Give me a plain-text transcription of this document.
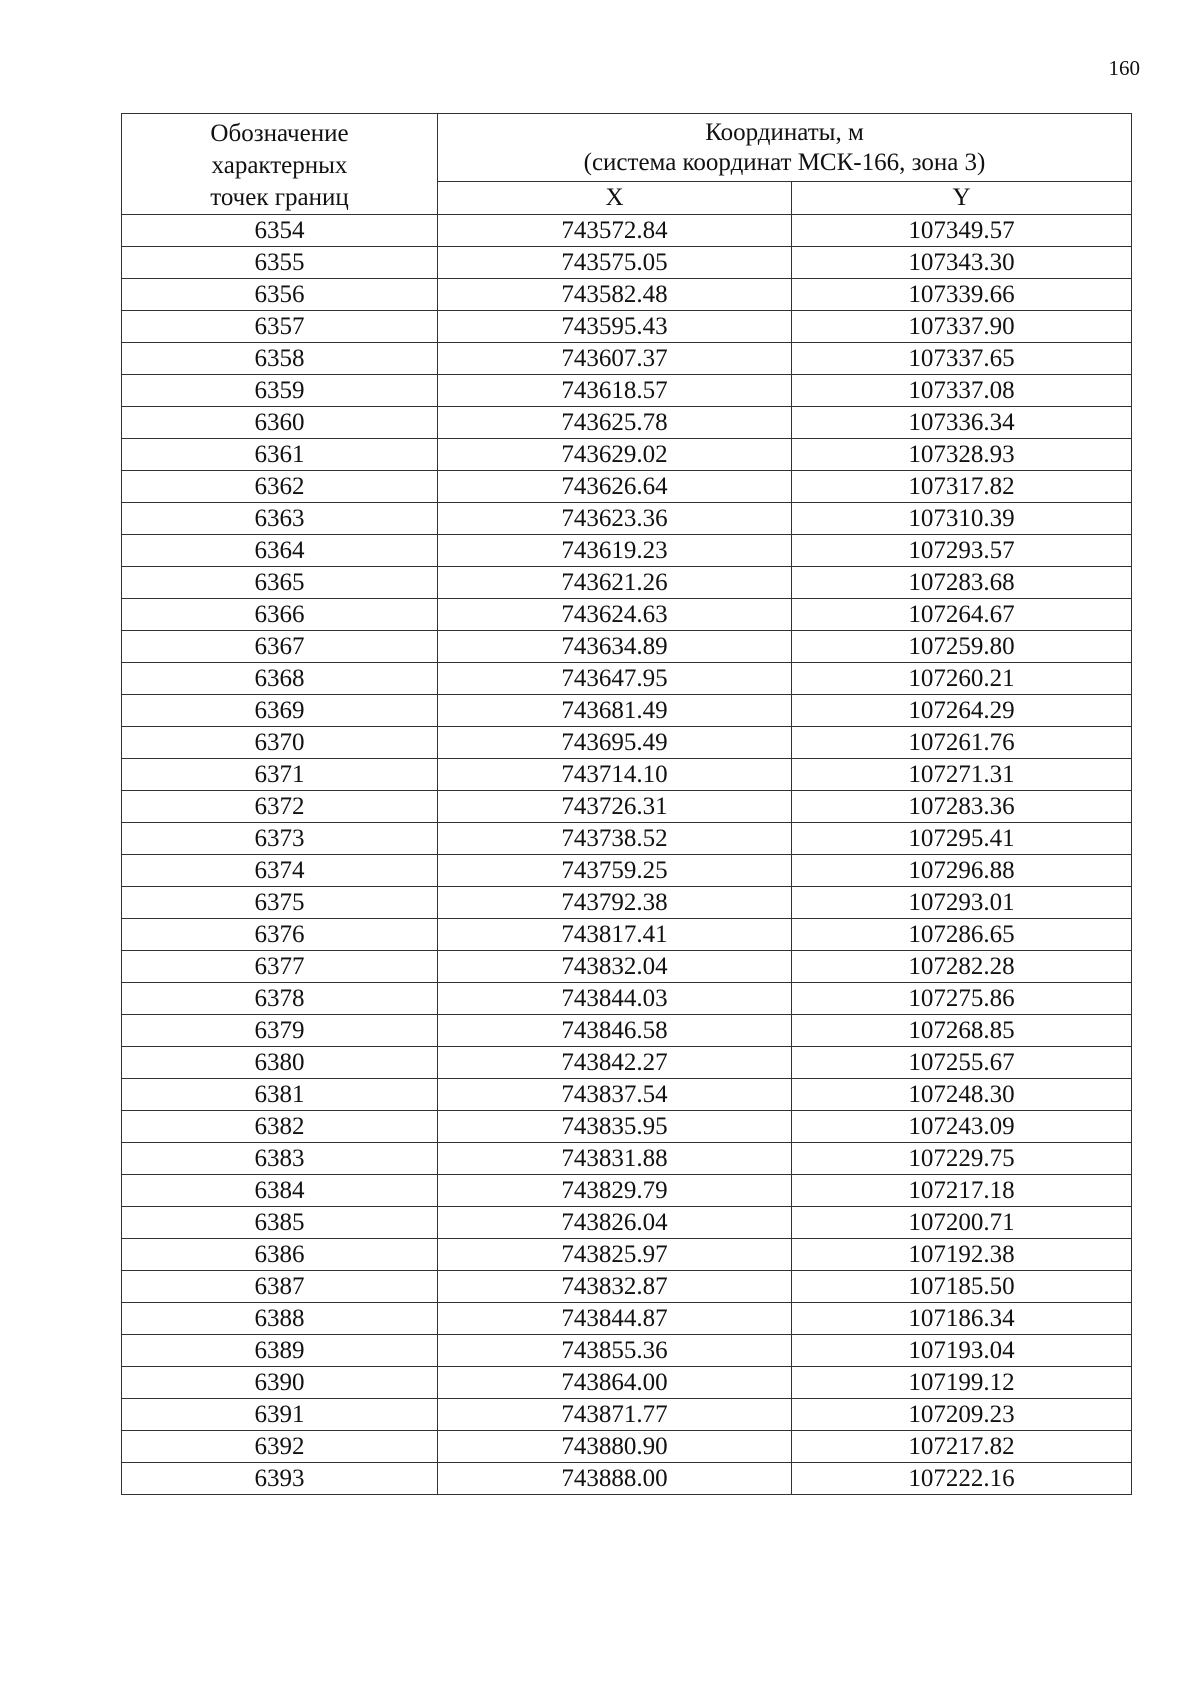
160
Обозначение
характерных
точек границ	Координаты, м
(система координат МСК-166, зона 3)	

	X	Y
6354	743572.84	107349.57
6355	743575.05	107343.30
6356	743582.48	107339.66
6357	743595.43	107337.90
6358	743607.37	107337.65
6359	743618.57	107337.08
6360	743625.78	107336.34
6361	743629.02	107328.93
6362	743626.64	107317.82
6363	743623.36	107310.39
6364	743619.23	107293.57
6365	743621.26	107283.68
6366	743624.63	107264.67
6367	743634.89	107259.80
6368	743647.95	107260.21
6369	743681.49	107264.29
6370	743695.49	107261.76
6371	743714.10	107271.31
6372	743726.31	107283.36
6373	743738.52	107295.41
6374	743759.25	107296.88
6375	743792.38	107293.01
6376	743817.41	107286.65
6377	743832.04	107282.28
6378	743844.03	107275.86
6379	743846.58	107268.85
6380	743842.27	107255.67
6381	743837.54	107248.30
6382	743835.95	107243.09
6383	743831.88	107229.75
6384	743829.79	107217.18
6385	743826.04	107200.71
6386	743825.97	107192.38
6387	743832.87	107185.50
6388	743844.87	107186.34
6389	743855.36	107193.04
6390	743864.00	107199.12
6391	743871.77	107209.23
6392	743880.90	107217.82
6393	743888.00	107222.16
